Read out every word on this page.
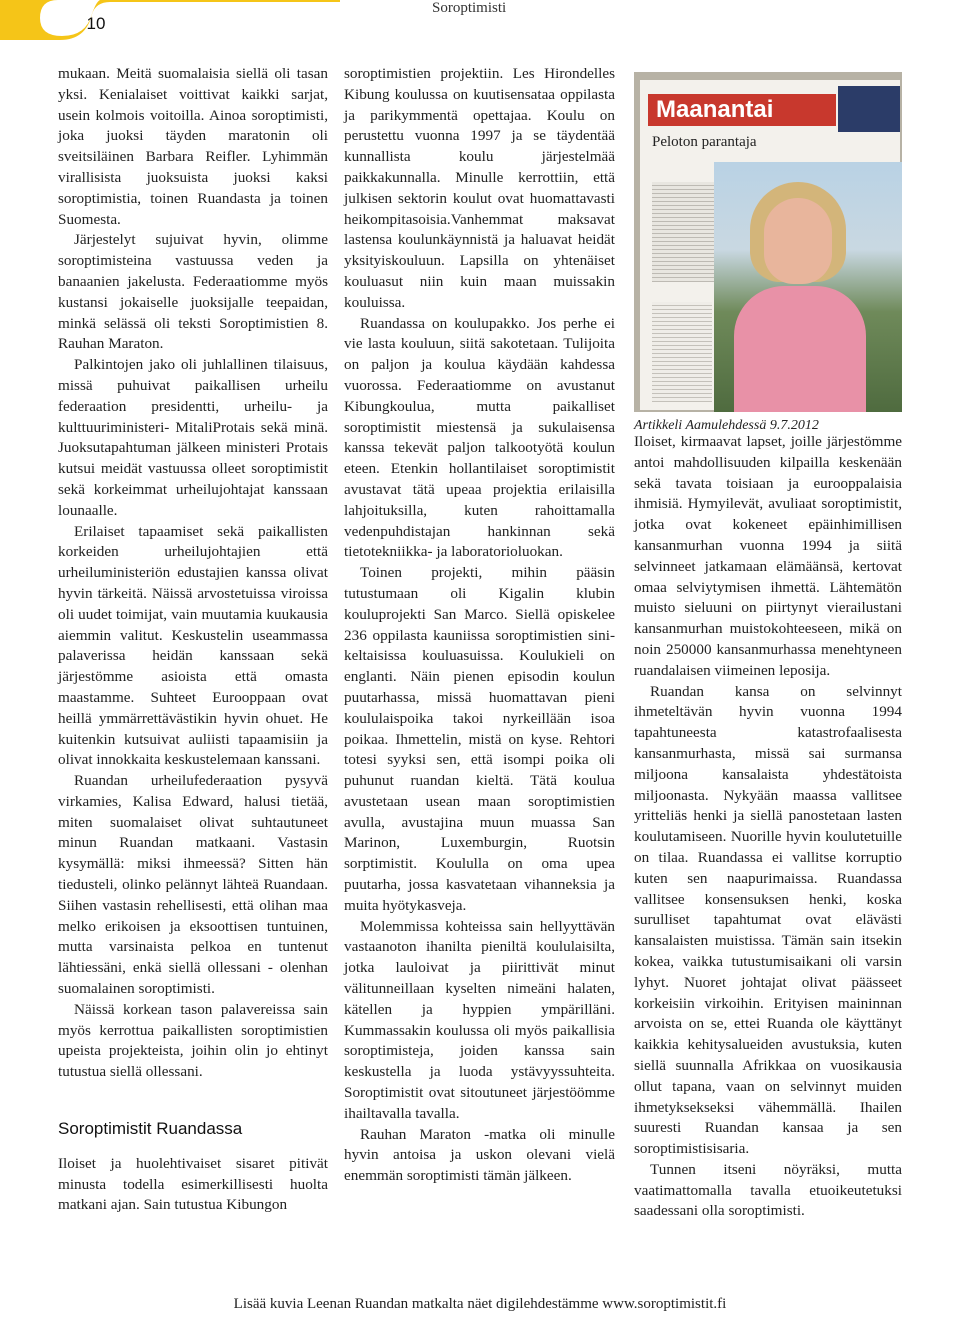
10
Soroptimisti

mukaan. Meitä suomalaisia siellä oli tasan yksi. Kenialaiset voittivat kaikki sarjat, usein kolmois voitoilla. Ainoa soroptimisti, joka juoksi täyden maratonin oli sveitsiläinen Barbara Reifler. Lyhimmän virallisista juoksuista juoksi kaksi soroptimistia, toinen Ruandasta ja toinen Suomesta.

Järjestelyt sujuivat hyvin, olimme soroptimisteina vastuussa veden ja banaanien jakelusta. Federaatiomme myös kustansi jokaiselle juoksijalle teepaidan, minkä selässä oli teksti Soroptimistien 8. Rauhan Maraton.

Palkintojen jako oli juhlallinen tilaisuus, missä puhuivat paikallisen urheilu federaation presidentti, urheilu- ja kulttuuriministeri- MitaliProtais sekä minä. Juoksutapahtuman jälkeen ministeri Protais kutsui meidät vastuussa olleet soroptimistit sekä korkeimmat urheilujohtajat kanssaan lounaalle.

Erilaiset tapaamiset sekä paikallisten korkeiden urheilujohtajien että urheiluministeriön edustajien kanssa olivat hyvin tärkeitä. Näissä arvostetuissa viroissa oli uudet toimijat, vain muutamia kuukausia aiemmin valitut. Keskustelin useammassa palaverissa heidän kanssaan sekä järjestömme asioista että omasta maastamme. Suhteet Eurooppaan ovat heillä ymmärrettävästikin hyvin ohuet. He kuitenkin kutsuivat auliisti tapaamisiin ja olivat innokkaita keskustelemaan kanssani.

Ruandan urheilufederaation pysyvä virkamies, Kalisa Edward, halusi tietää, miten suomalaiset olivat suhtautuneet minun Ruandan matkaani. Vastasin kysymällä: miksi ihmeessä? Sitten hän tiedusteli, olinko pelännyt lähteä Ruandaan. Siihen vastasin rehellisesti, että olihan maa melko erikoisen ja eksoottisen tuntuinen, mutta varsinaista pelkoa en tuntenut lähtiessäni, enkä siellä ollessani - olenhan suomalainen soroptimisti.

Näissä korkean tason palavereissa sain myös kerrottua paikallisten soroptimistien upeista projekteista, joihin olin jo ehtinyt tutustua siellä ollessani.

Soroptimistit Ruandassa

Iloiset ja huolehtivaiset sisaret pitivät minusta todella esimerkillisesti huolta matkani ajan. Sain tutustua Kibungon

soroptimistien projektiin. Les Hirondelles Kibung koulussa on kuutisensataa oppilasta ja parikymmentä opettajaa. Koulu on perustettu vuonna 1997 ja se täydentää kunnallista koulu järjestelmää paikkakunnalla. Minulle kerrottiin, että julkisen sektorin koulut ovat huomattavasti heikompitasoisia.Vanhemmat maksavat lastensa koulunkäynnistä ja haluavat heidät yksityiskouluun. Lapsilla on yhtenäiset kouluasut niin kuin maan muissakin kouluissa.

Ruandassa on koulupakko. Jos perhe ei vie lasta kouluun, siitä sakotetaan. Tulijoita on paljon ja koulua käydään kahdessa vuorossa. Federaatiomme on avustanut Kibungkoulua, mutta paikalliset soroptimistit miestensä ja sukulaisensa kanssa tekevät paljon talkootyötä koulun eteen. Etenkin hollantilaiset soroptimistit avustavat tätä upeaa projektia erilaisilla lahjoituksilla, kuten rahoittamalla vedenpuhdistajan hankinnan sekä tietotekniikka- ja laboratorioluokan.

Toinen projekti, mihin pääsin tutustumaan oli Kigalin klubin kouluprojekti San Marco. Siellä opiskelee 236 oppilasta kauniissa soroptimistien sini-keltaisissa kouluasuissa. Koulukieli on englanti. Näin pienen episodin koulun puutarhassa, missä huomattavan pieni koululaispoika takoi nyrkeillään isoa poikaa. Ihmettelin, mistä on kyse. Rehtori totesi syyksi sen, että isompi poika oli puhunut ruandan kieltä. Tätä koulua avustetaan usean maan soroptimistien avulla, avustajina muun muassa San Marinon, Luxemburgin, Ruotsin sorptimistit. Koululla on oma upea puutarha, jossa kasvatetaan vihanneksia ja muita hyötykasveja.

Molemmissa kohteissa sain hellyyttävän vastaanoton ihanilta pieniltä koululaisilta, jotka lauloivat ja piirittivät minut välitunneillaan kyselten nimeäni halaten, kätellen ja hyppien ympärilläni. Kummassakin koulussa oli myös paikallisia soroptimisteja, joiden kanssa sain keskustella ja luoda ystävyyssuhteita. Soroptimistit ovat sitoutuneet järjestöömme ihailtavalla tavalla.

Rauhan Maraton -matka oli minulle hyvin antoisa ja uskon olevani vielä enemmän soroptimisti tämän jälkeen.

Maanantai
Peloton parantaja
Artikkeli Aamulehdessä 9.7.2012

Iloiset, kirmaavat lapset, joille järjestömme antoi mahdollisuuden kilpailla keskenään sekä tavata toisiaan ja eurooppalaisia ihmisiä. Hymyilevät, avuliaat soroptimistit, jotka ovat kokeneet epäinhimillisen kansanmurhan vuonna 1994 ja siitä selvinneet jatkamaan elämäänsä, kertovat omaa selviytymisen ihmettä. Lähtemätön muisto sieluuni on piirtynyt vierailustani kansanmurhan muistokohteeseen, mikä on noin 250000 kansanmurhassa menehtyneen ruandalaisen viimeinen leposija.

Ruandan kansa on selvinnyt ihmeteltävän hyvin vuonna 1994 tapahtuneesta katastrofaalisesta kansanmurhasta, missä sai surmansa miljoona kansalaista yhdestätoista miljoonasta. Nykyään maassa vallitsee yritteliäs henki ja siellä panostetaan lasten koulutamiseen. Nuorille hyvin koulutetuille on tilaa. Ruandassa ei vallitse korruptio kuten sen naapurimaissa. Ruandassa vallitsee konsensuksen henki, koska surulliset tapahtumat ovat elävästi kansalaisten muistissa. Tämän sain itsekin kokea, vaikka tutustumisaikani oli varsin lyhyt. Nuoret johtajat olivat päässeet korkeisiin virkoihin. Erityisen maininnan arvoista on se, ettei Ruanda ole käyttänyt kaikkia kehitysalueiden avustuksia, kuten siellä suunnalla Afrikkaa on vuosikausia ollut tapana, vaan on selvinnyt muiden ihmetyksekseksi vähemmällä. Ihailen suuresti Ruandan kansaa ja sen soroptimistisisaria.

Tunnen itseni nöyräksi, mutta vaatimattomalla tavalla etuoikeutetuksi saadessani olla soroptimisti.

Lisää kuvia Leenan Ruandan matkalta näet digilehdestämme www.soroptimistit.fi
